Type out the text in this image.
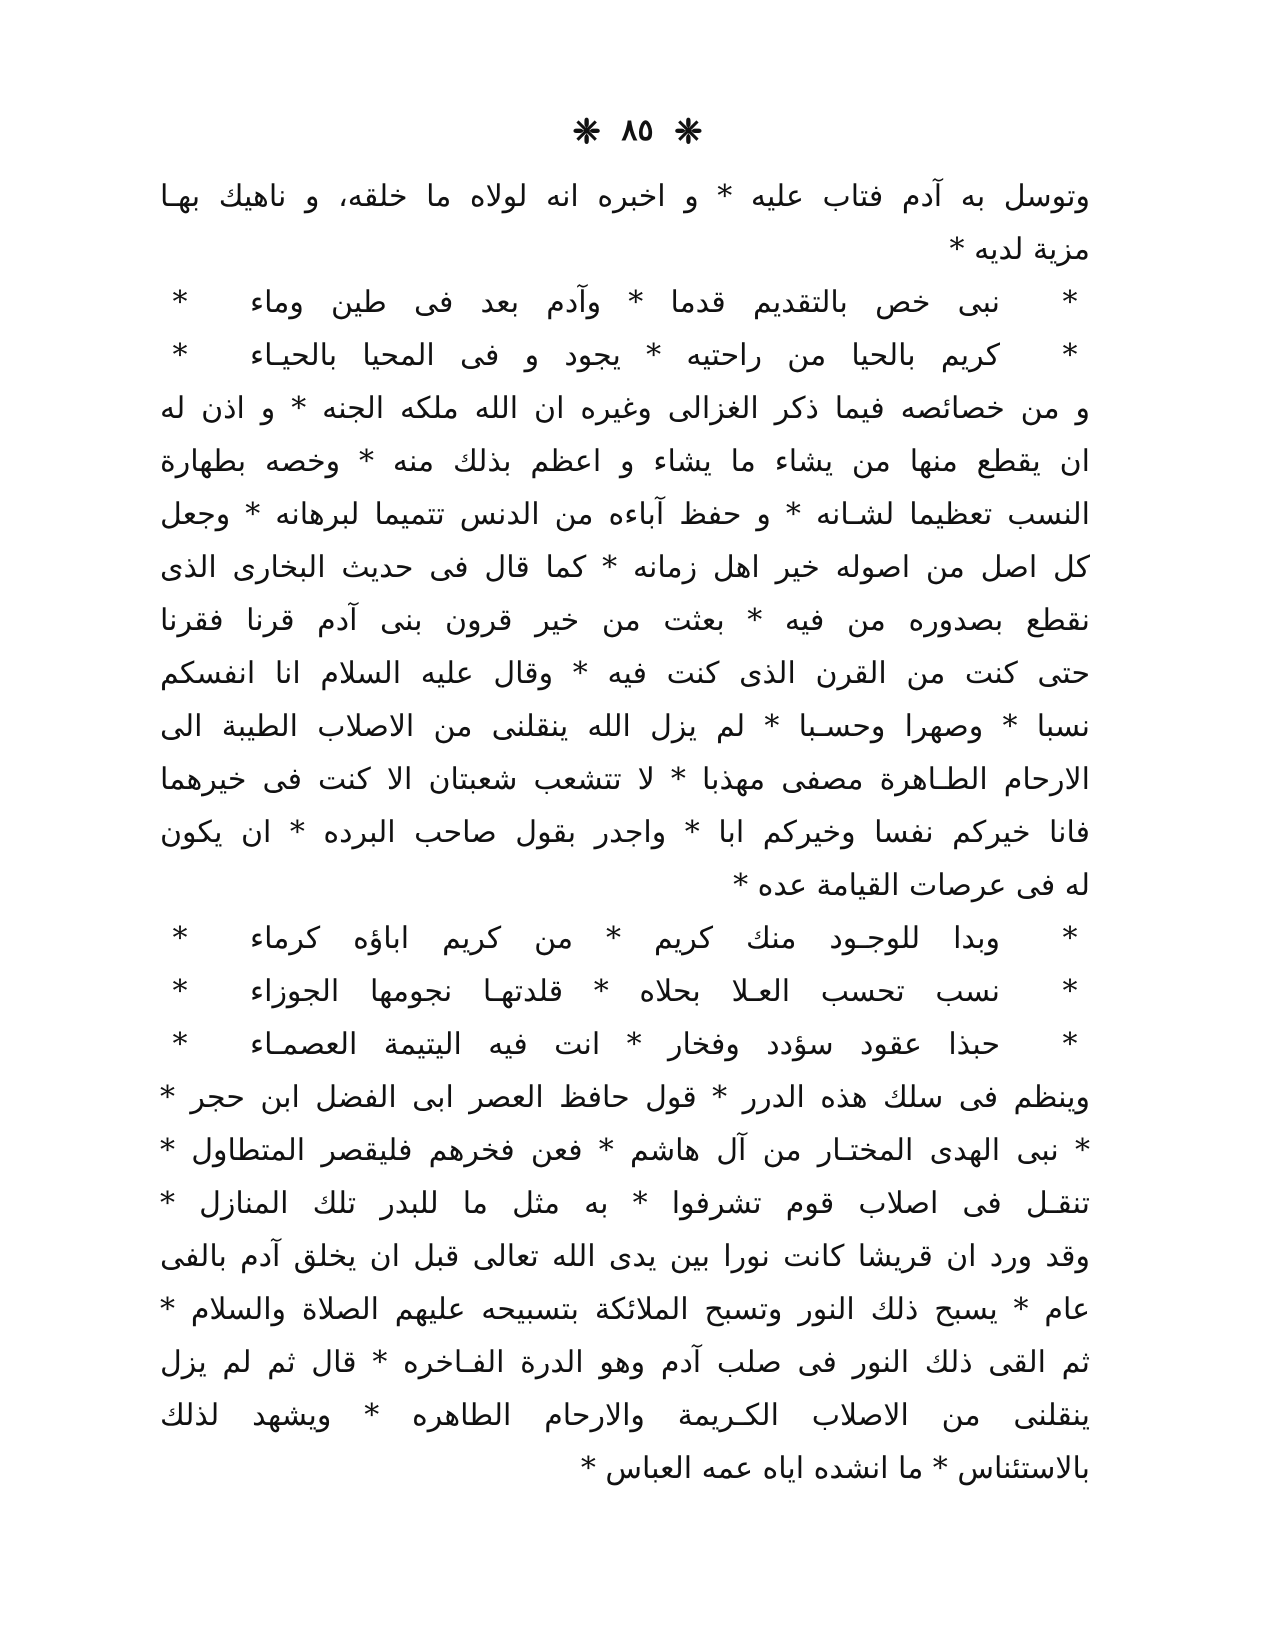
❈ ٨٥ ❈
وتوسل به آدم فتاب عليه * و اخبره انه لولاه ما خلقه، و ناهيك بهـا
مزية لديه *
*
نبى خص بالتقديم قدما * وآدم بعد فى طين وماء
*
*
كريم بالحيا من راحتيه * يجود و فى المحيا بالحيـاء
*
و من خصائصه فيما ذكر الغزالى وغيره ان الله ملكه الجنه * و اذن له
ان يقطع منها من يشاء ما يشاء و اعظم بذلك منه * وخصه بطهارة
النسب تعظيما لشـانه * و حفظ آباءه من الدنس تتميما لبرهانه * وجعل
كل اصل من اصوله خير اهل زمانه * كما قال فى حديث البخارى الذى
نقطع بصدوره من فيه * بعثت من خير قرون بنى آدم قرنا فقرنا
حتى كنت من القرن الذى كنت فيه * وقال عليه السلام انا انفسكم
نسبا * وصهرا وحسـبا * لم يزل الله ينقلنى من الاصلاب الطيبة الى
الارحام الطـاهرة مصفى مهذبا * لا تتشعب شعبتان الا كنت فى خيرهما
فانا خيركم نفسا وخيركم ابا * واجدر بقول صاحب البرده * ان يكون
له فى عرصات القيامة عده *
*
وبدا للوجـود منك كريم * من كريم اباؤه كرماء
*
*
نسب تحسب العـلا بحلاه * قلدتهـا نجومها الجوزاء
*
*
حبذا عقود سؤدد وفخار * انت فيه اليتيمة العصمـاء
*
وينظم فى سلك هذه الدرر * قول حافظ العصر ابى الفضل ابن حجر *
* نبى الهدى المختـار من آل هاشم * فعن فخرهم فليقصر المتطاول *
تنقـل فى اصلاب قوم تشرفوا * به مثل ما للبدر تلك المنازل *
وقد ورد ان قريشا كانت نورا بين يدى الله تعالى قبل ان يخلق آدم بالفى
عام * يسبح ذلك النور وتسبح الملائكة بتسبيحه عليهم الصلاة والسلام *
ثم القى ذلك النور فى صلب آدم وهو الدرة الفـاخره * قال ثم لم يزل
ينقلنى من الاصلاب الكـريمة والارحام الطاهره * ويشهد لذلك
بالاستئناس * ما انشده اياه عمه العباس *
